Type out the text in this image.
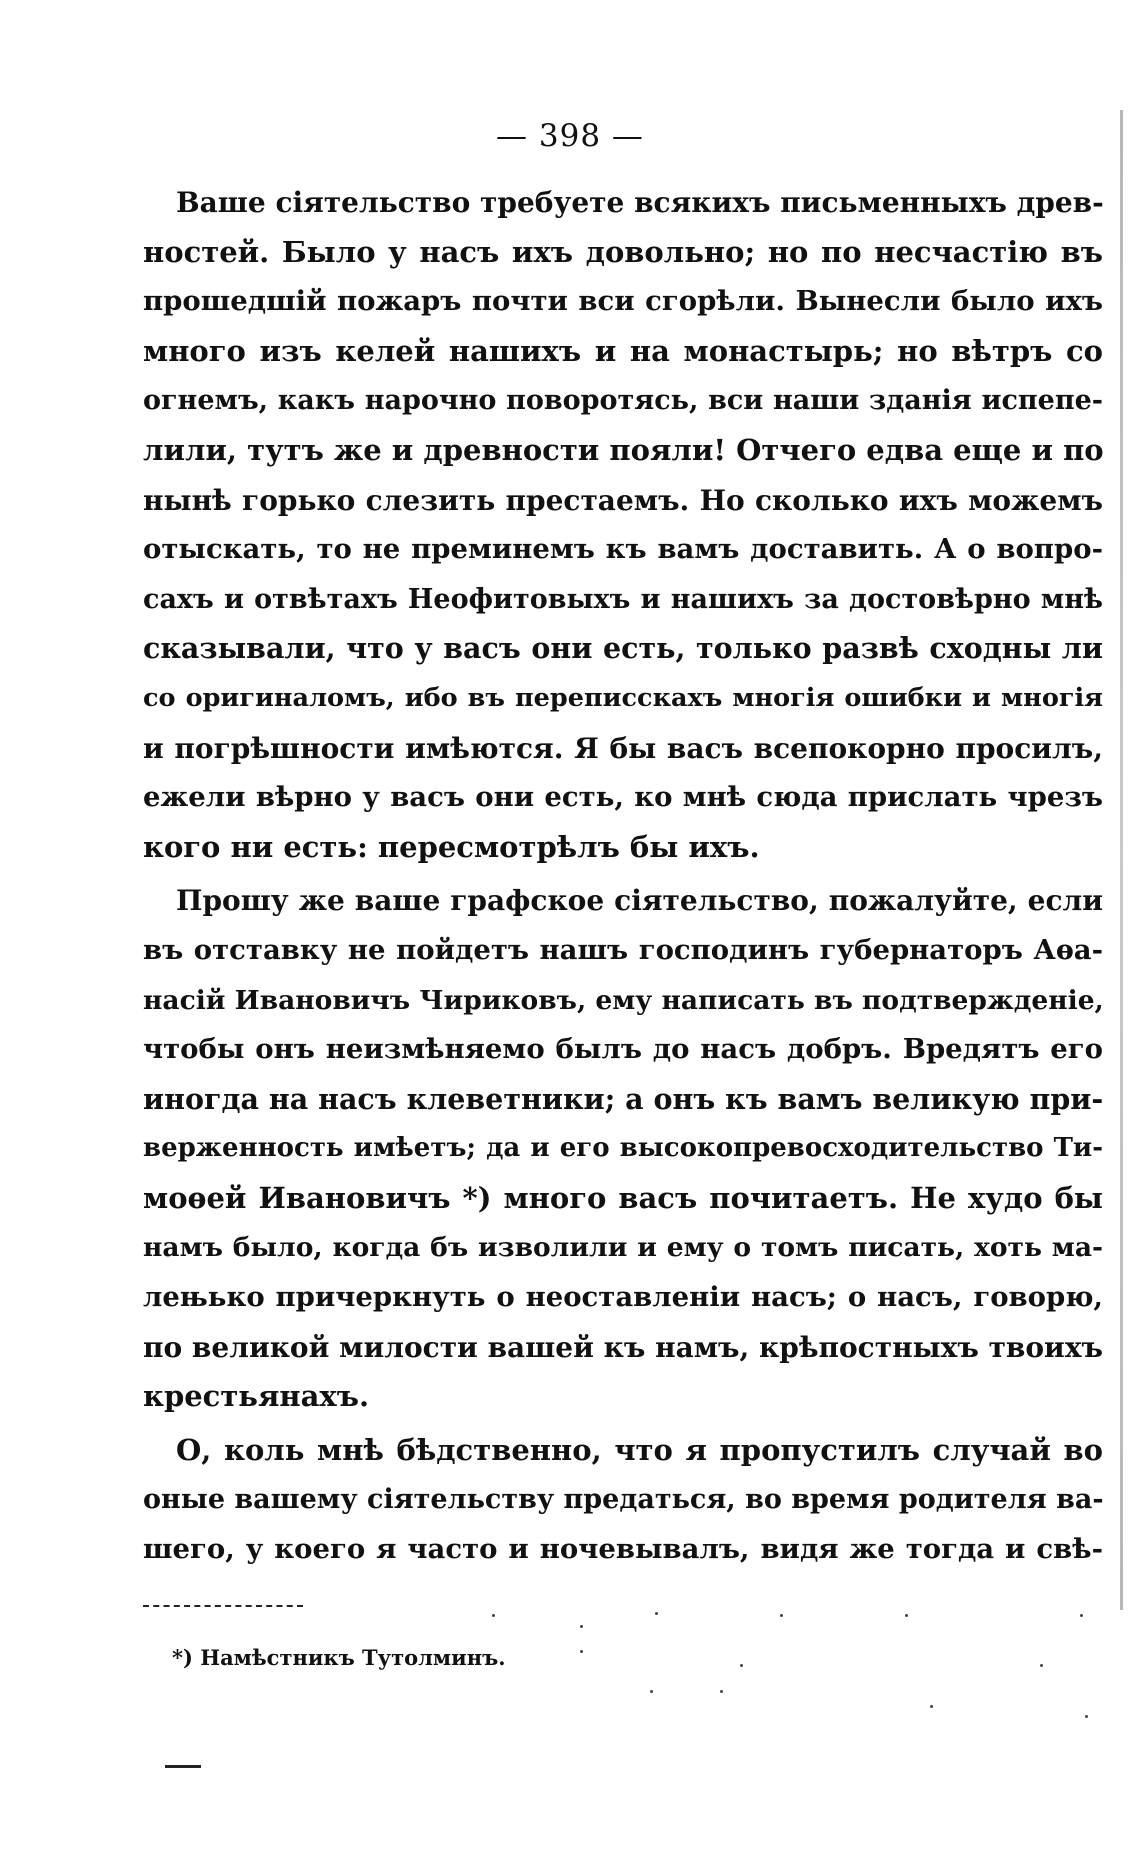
— 398 —
Ваше сіятельство требуете всякихъ письменныхъ древ-
ностей. Было у насъ ихъ довольно; но по несчастію въ
прошедшій пожаръ почти вси сгорѣли. Вынесли было ихъ
много изъ келей нашихъ и на монастырь; но вѣтръ со
огнемъ, какъ нарочно поворотясь, вси наши зданія испепе-
лили, тутъ же и древности пояли! Отчего едва еще и по
нынѣ горько слезить престаемъ. Но сколько ихъ можемъ
отыскать, то не преминемъ къ вамъ доставить. А о вопро-
сахъ и отвѣтахъ Неофитовыхъ и нашихъ за достовѣрно мнѣ
сказывали, что у васъ они есть, только развѣ сходны ли
со оригиналомъ, ибо въ переписскахъ многія ошибки и многія
и погрѣшности имѣются. Я бы васъ всепокорно просилъ,
ежели вѣрно у васъ они есть, ко мнѣ сюда прислать чрезъ
кого ни есть: пересмотрѣлъ бы ихъ.
Прошу же ваше графское сіятельство, пожалуйте, если
въ отставку не пойдетъ нашъ господинъ губернаторъ Аѳа-
насій Ивановичъ Чириковъ, ему написать въ подтвержденіе,
чтобы онъ неизмѣняемо былъ до насъ добръ. Вредятъ его
иногда на насъ клеветники; а онъ къ вамъ великую при-
верженность имѣетъ; да и его высокопревосходительство Ти-
моѳей Ивановичъ *) много васъ почитаетъ. Не худо бы
намъ было, когда бъ изволили и ему о томъ писать, хоть ма-
лењько причеркнуть о неоставленіи насъ; о насъ, говорю,
по великой милости вашей къ намъ, крѣпостныхъ твоихъ
крестьянахъ.
О, коль мнѣ бѣдственно, что я пропустилъ случай во
оные вашему сіятельству предаться, во время родителя ва-
шего, у коего я часто и ночевывалъ, видя же тогда и свѣ-
*) Намѣстникъ Тутолминъ.
